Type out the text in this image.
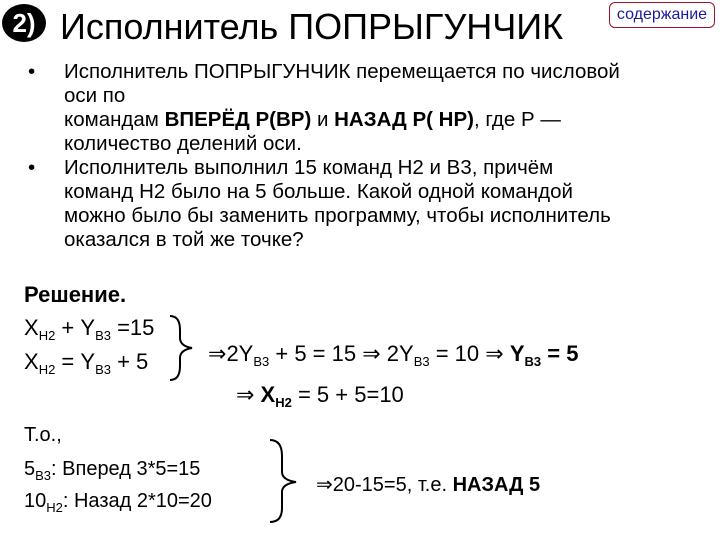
2) Исполнитель ПОПРЫГУНЧИК	содержание
• Исполнитель ПОПРЫГУНЧИК перемещается по числовой
оси по
командам ВПЕРЁД Р(ВР) и НАЗАД Р( НР), где Р —
количество делений оси.
• Исполнитель выполнил 15 команд Н2 и В3, причём
команд Н2 было на 5 больше. Какой одной командой
можно было бы заменить программу, чтобы исполнитель
оказался в той же точке?
Решение.
$X_{Н2} + Y_{В3} =15$
$X_{Н2} = Y_{В3} + 5$	$\Rightarrow 2Y_{В3} + 5 = 15$ ⇒ $2Y_{В3} = 10$ ⇒ $Y_{В3} = 5$
⇒ $X_{Н2} = 5 + 5=10$
Т.о.,
$5_{В3}$: Вперед 3*5=15
$10_{Н2}$: Назад 2*10=20
⇒20-15=5, т.е. НАЗАД 5
